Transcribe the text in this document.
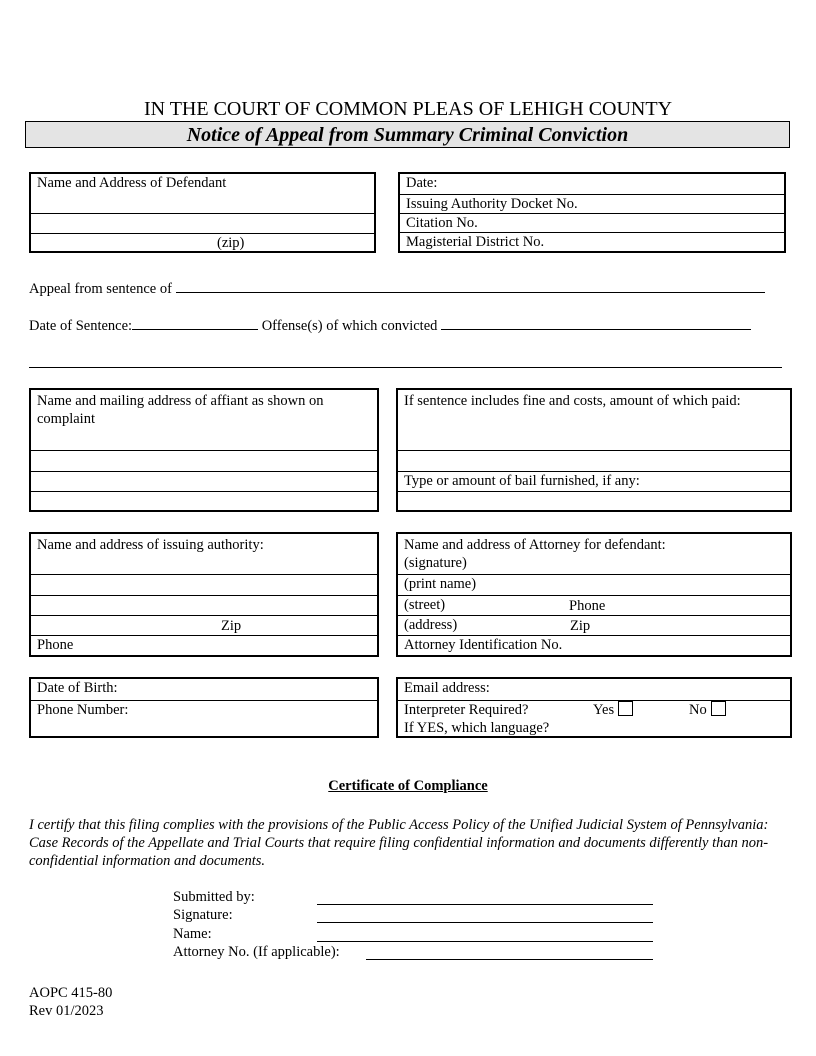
IN THE COURT OF COMMON PLEAS OF LEHIGH COUNTY
Notice of Appeal from Summary Criminal Conviction
Name and Address of Defendant
(zip)
Date:
Issuing Authority Docket No.
Citation No.
Magisterial District No.
Appeal from sentence of
Date of Sentence:	Offense(s) of which convicted
Name and mailing address of affiant as shown on complaint
If sentence includes fine and costs, amount of which paid:
Type or amount of bail furnished, if any:
Name and address of issuing authority:
Zip
Phone
Name and address of Attorney for defendant:
(signature)
(print name)
(street)	Phone
(address)	Zip
Attorney Identification No.
Date of Birth:
Phone Number:
Email address:
Interpreter Required?	Yes	No
If YES, which language?
Certificate of Compliance
I certify that this filing complies with the provisions of the Public Access Policy of the Unified Judicial System of Pennsylvania: Case Records of the Appellate and Trial Courts that require filing confidential information and documents differently than non-confidential information and documents.
Submitted by:
Signature:
Name:
Attorney No. (If applicable):
AOPC 415-80
Rev 01/2023
